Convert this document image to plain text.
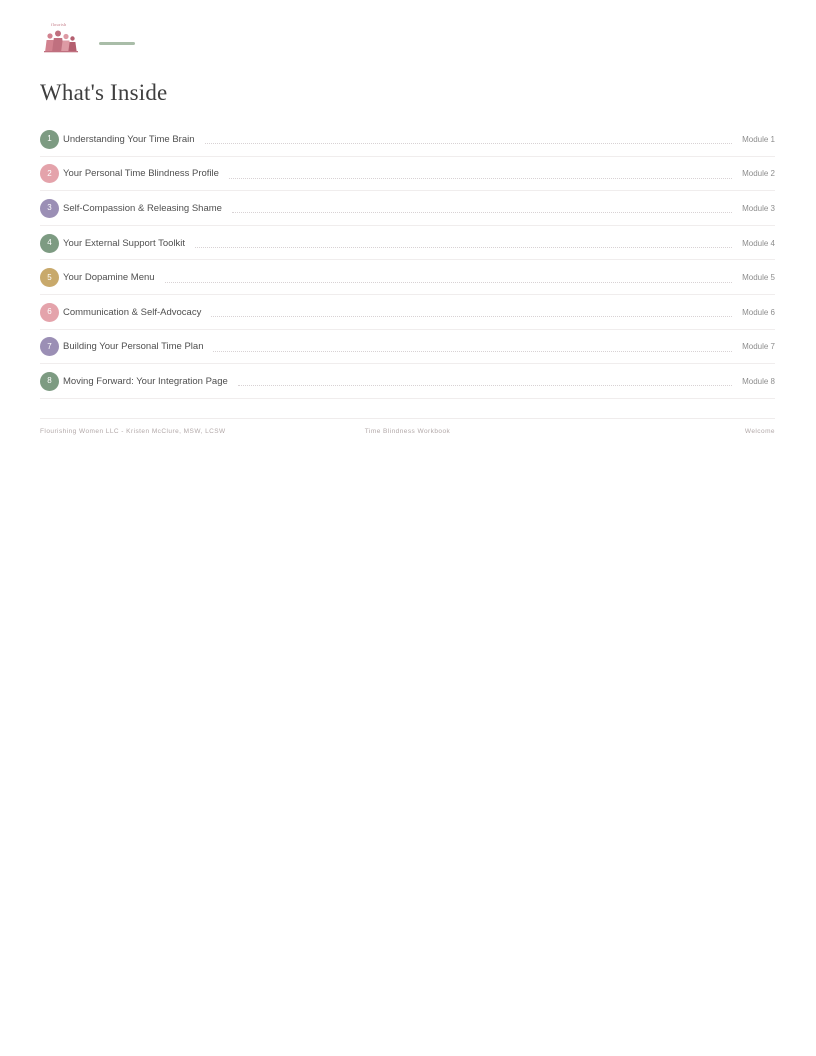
flourish
What's Inside
1	Understanding Your Time Brain	Module 1
2	Your Personal Time Blindness Profile	Module 2
3	Self-Compassion & Releasing Shame	Module 3
4	Your External Support Toolkit	Module 4
5	Your Dopamine Menu	Module 5
6	Communication & Self-Advocacy	Module 6
7	Building Your Personal Time Plan	Module 7
8	Moving Forward: Your Integration Page	Module 8
Flourishing Women LLC - Kristen McClure, MSW, LCSW	Time Blindness Workbook	Welcome
